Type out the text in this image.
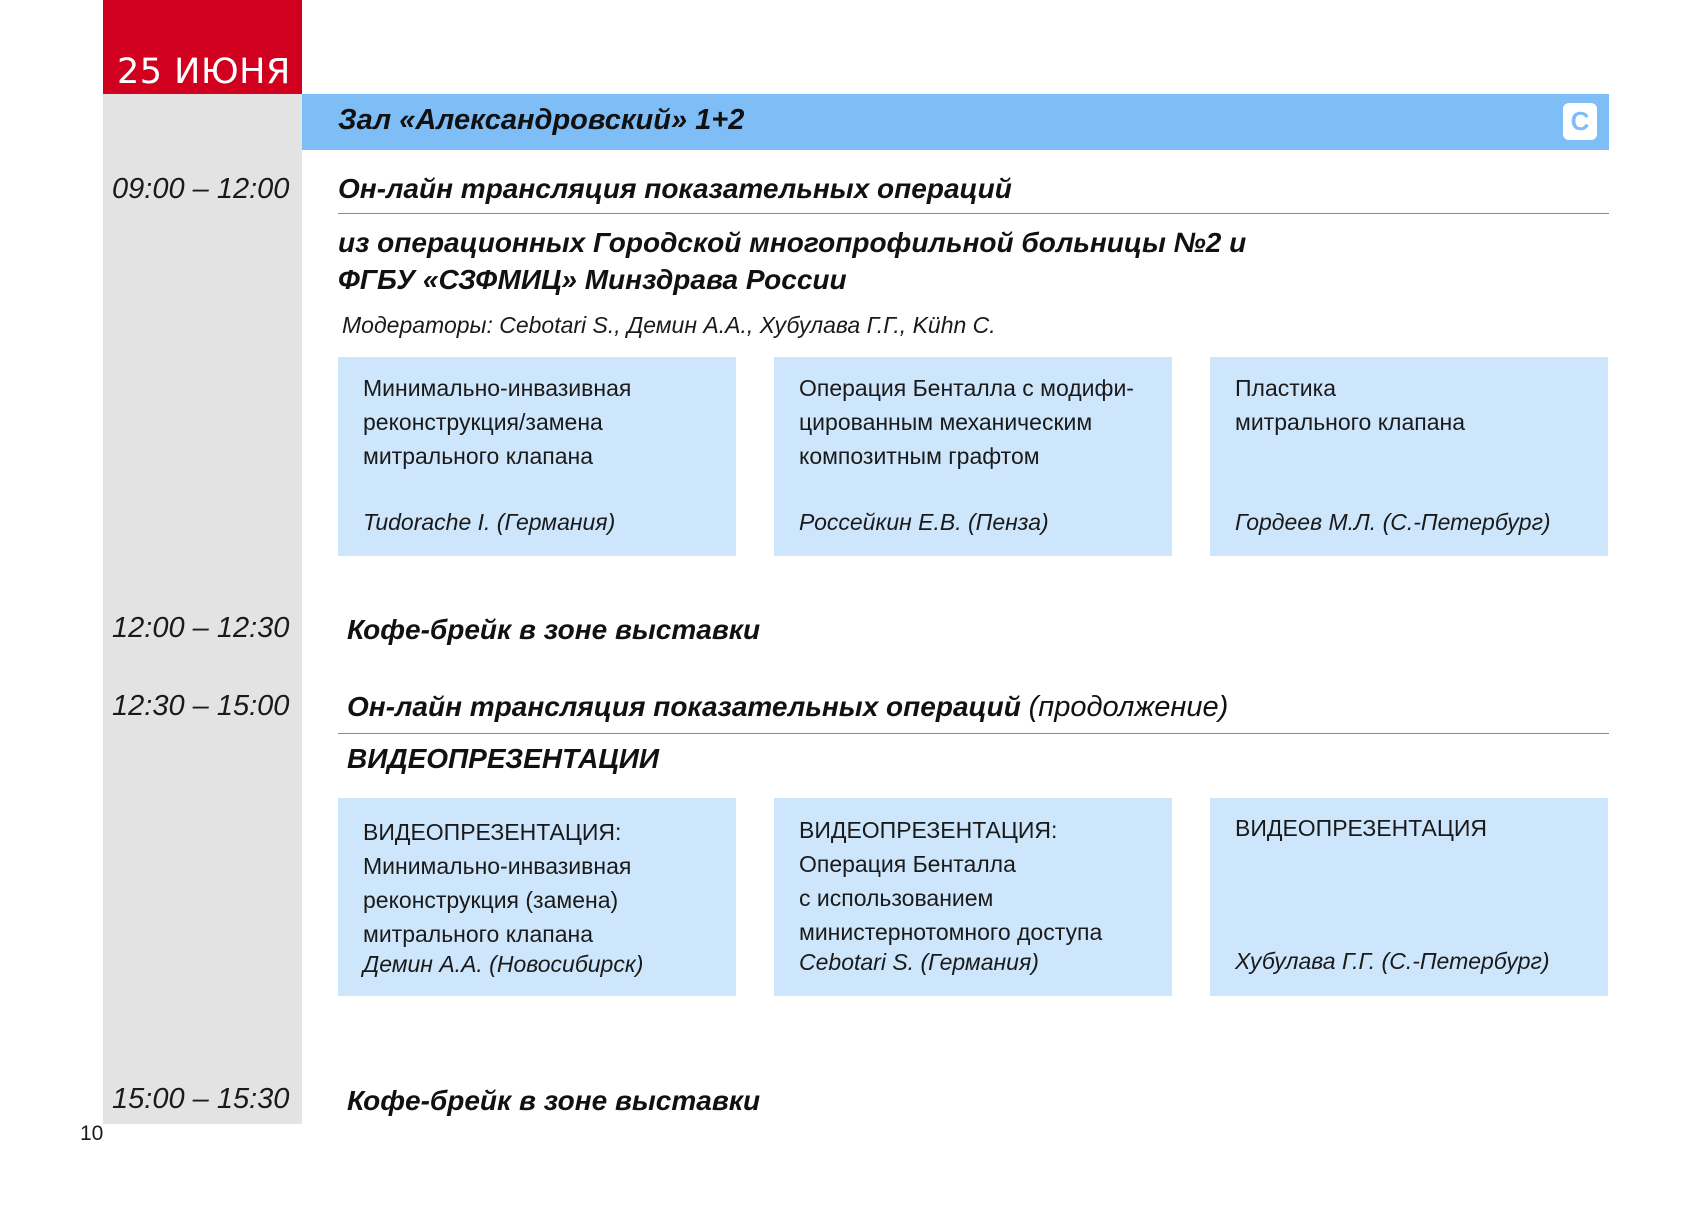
25 ИЮНЯ
Зал «Александровский» 1+2	С
09:00 – 12:00 Он-лайн трансляция показательных операций
из операционных Городской многопрофильной больницы №2 и
ФГБУ «СЗФМИЦ» Минздрава России
Модераторы: Cebotari S., Демин А.А., Хубулава Г.Г., Kühn C.
Минимально-инвазивная
реконструкция/замена
митрального клапана
Tudorache I. (Германия)
Операция Бенталла с модифи-
цированным механическим
композитным графтом
Россейкин Е.В. (Пенза)
Пластика
митрального клапана
Гордеев М.Л. (С.-Петербург)
12:00 – 12:30 Кофе-брейк в зоне выставки
12:30 – 15:00 Он-лайн трансляция показательных операций (продолжение)
ВИДЕОПРЕЗЕНТАЦИИ
ВИДЕОПРЕЗЕНТАЦИЯ:
Минимально-инвазивная
реконструкция (замена)
митрального клапана
Демин А.А. (Новосибирск)
ВИДЕОПРЕЗЕНТАЦИЯ:
Операция Бенталла
с использованием
министернотомного доступа
Cebotari S. (Германия)
ВИДЕОПРЕЗЕНТАЦИЯ
Хубулава Г.Г. (С.-Петербург)
15:00 – 15:30 Кофе-брейк в зоне выставки
10
